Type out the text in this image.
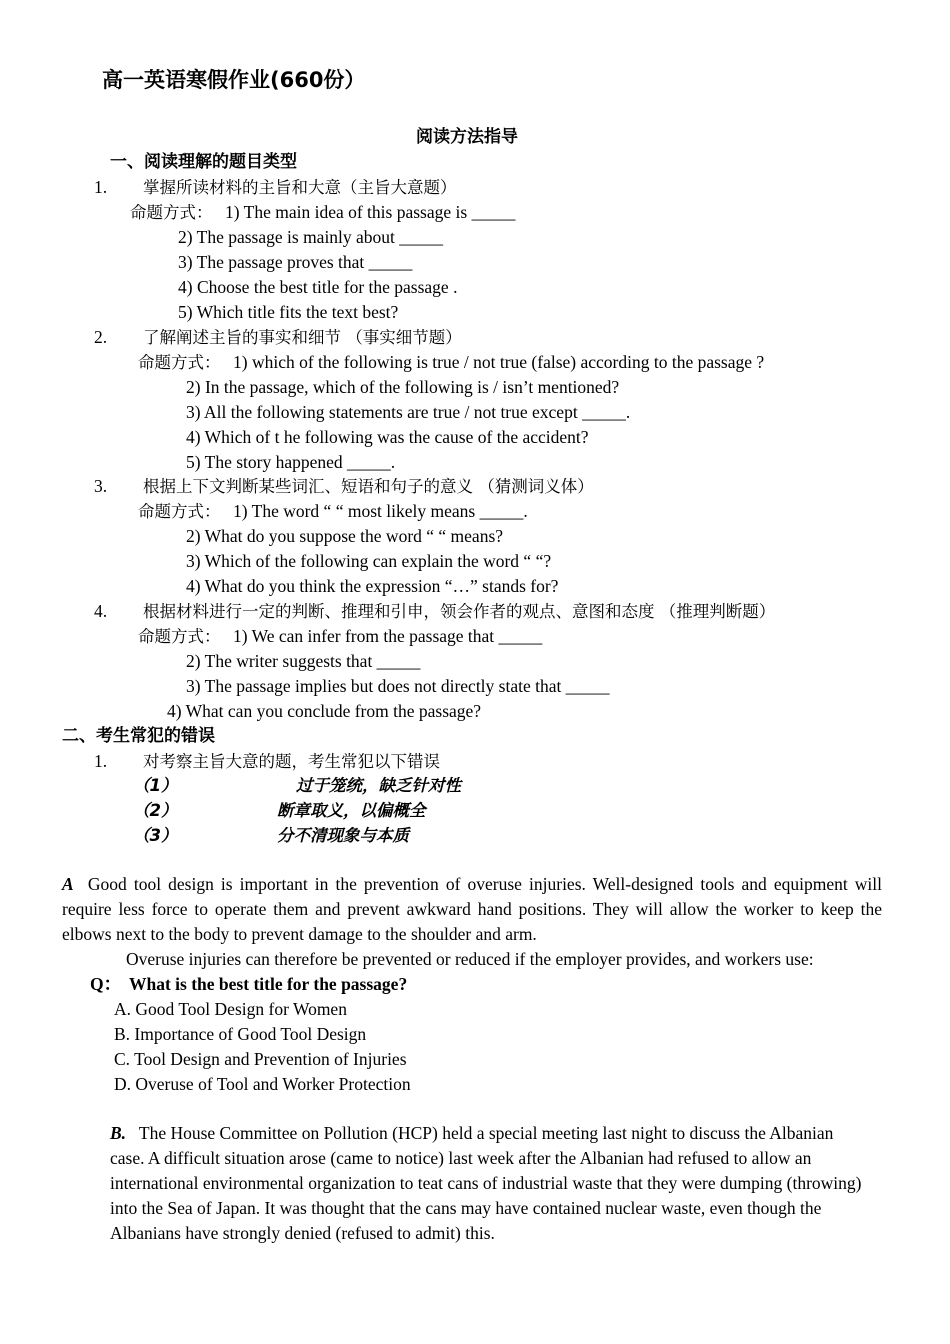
高一英语寒假作业(660份）
阅读方法指导
一、阅读理解的题目类型
1. 掌握所读材料的主旨和大意（主旨大意题）
命题方式： 1) The main idea of this passage is _____
2) The passage is mainly about _____
3) The passage proves that _____
4) Choose the best title for the passage .
5) Which title fits the text best?
2. 了解阐述主旨的事实和细节 （事实细节题）
命题方式： 1) which of the following is true / not true (false) according to the passage ?
2) In the passage, which of the following is / isn’t mentioned?
3) All the following statements are true / not true except _____.
4) Which of t he following was the cause of the accident?
5) The story happened _____.
3. 根据上下文判断某些词汇、短语和句子的意义 （猜测词义体）
命题方式： 1) The word “ “ most likely means _____.
2) What do you suppose the word “ “ means?
3) Which of the following can explain the word “ “?
4) What do you think the expression “…” stands for?
4. 根据材料进行一定的判断、推理和引申，领会作者的观点、意图和态度 （推理判断题）
命题方式： 1) We can infer from the passage that _____
2) The writer suggests that _____
3) The passage implies but does not directly state that _____
4) What can you conclude from the passage?
二、考生常犯的错误
1. 对考察主旨大意的题，考生常犯以下错误
（1）	过于笼统，缺乏针对性
（2）	断章取义，以偏概全
（3）	分不清现象与本质
A Good tool design is important in the prevention of overuse injuries. Well-designed tools and equipment will require less force to operate them and prevent awkward hand positions. They will allow the worker to keep the elbows next to the body to prevent damage to the shoulder and arm.
Overuse injuries can therefore be prevented or reduced if the employer provides, and workers use:
Q： What is the best title for the passage?
A. Good Tool Design for Women
B. Importance of Good Tool Design
C. Tool Design and Prevention of Injuries
D. Overuse of Tool and Worker Protection
B. The House Committee on Pollution (HCP) held a special meeting last night to discuss the Albanian case. A difficult situation arose (came to notice) last week after the Albanian had refused to allow an international environmental organization to teat cans of industrial waste that they were dumping (throwing) into the Sea of Japan. It was thought that the cans may have contained nuclear waste, even though the Albanians have strongly denied (refused to admit) this.
